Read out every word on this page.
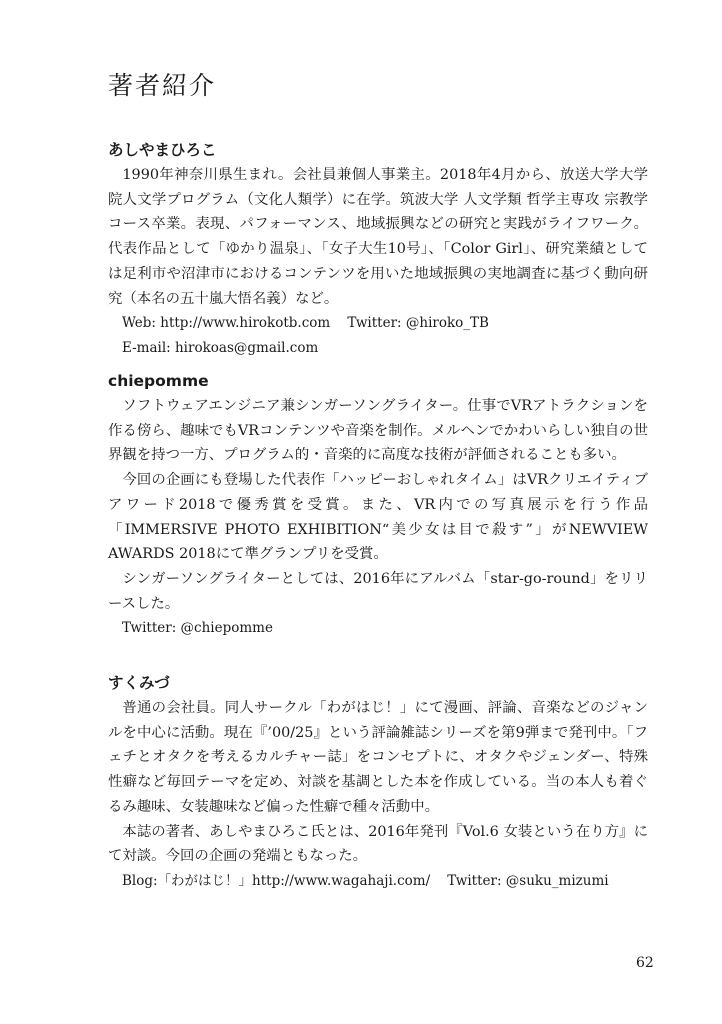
著者紹介
あしやまひろこ

1990年神奈川県生まれ。会社員兼個人事業主。2018年4月から、放送大学大学院人文学プログラム（文化人類学）に在学。筑波大学 人文学類 哲学主専攻 宗教学コース卒業。表現、パフォーマンス、地域振興などの研究と実践がライフワーク。代表作品として「ゆかり温泉」、「女子大生10号」、「Color Girl」、研究業績としては足利市や沼津市におけるコンテンツを用いた地域振興の実地調査に基づく動向研究（本名の五十嵐大悟名義）など。

Web: http://www.hirokotb.com    Twitter: @hiroko_TB

E-mail: hirokoas@gmail.com

chiepomme

ソフトウェアエンジニア兼シンガーソングライター。仕事でVRアトラクションを作る傍ら、趣味でもVRコンテンツや音楽を制作。メルヘンでかわいらしい独自の世界観を持つ一方、プログラム的・音楽的に高度な技術が評価されることも多い。

今回の企画にも登場した代表作「ハッピーおしゃれタイム」はVRクリエイティブアワード2018で優秀賞を受賞。また、VR内での写真展示を行う作品「IMMERSIVE PHOTO EXHIBITION“美少女は目で殺す”」がNEWVIEW AWARDS 2018にて準グランプリを受賞。

シンガーソングライターとしては、2016年にアルバム「star-go-round」をリリースした。

Twitter: @chiepomme

すくみづ

普通の会社員。同人サークル「わがはじ！」にて漫画、評論、音楽などのジャンルを中心に活動。現在『’00/25』という評論雑誌シリーズを第9弾まで発刊中。「フェチとオタクを考えるカルチャー誌」をコンセプトに、オタクやジェンダー、特殊性癖など毎回テーマを定め、対談を基調とした本を作成している。当の本人も着ぐるみ趣味、女装趣味など偏った性癖で種々活動中。

本誌の著者、あしやまひろこ氏とは、2016年発刊『Vol.6 女装という在り方』にて対談。今回の企画の発端ともなった。

Blog:「わがはじ！」http://www.wagahaji.com/    Twitter: @suku_mizumi

62
